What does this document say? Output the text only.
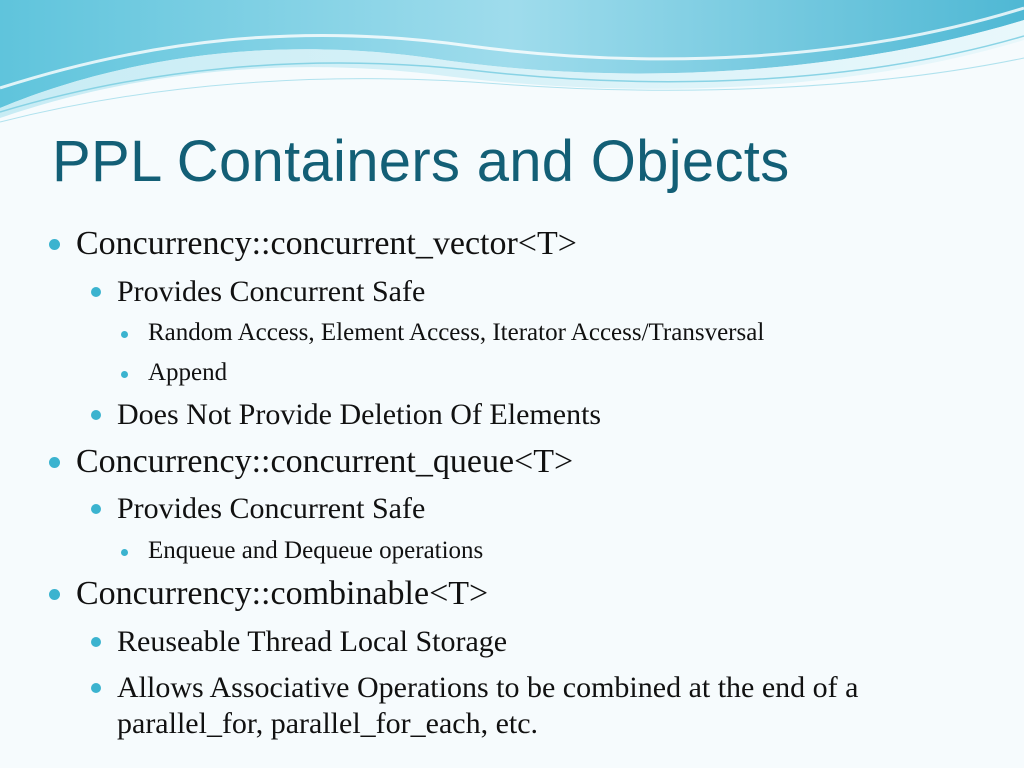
PPL Containers and Objects
Concurrency::concurrent_vector<T>
Provides Concurrent Safe
Random Access, Element Access, Iterator Access/Transversal
Append
Does Not Provide Deletion Of Elements
Concurrency::concurrent_queue<T>
Provides Concurrent Safe
Enqueue and Dequeue operations
Concurrency::combinable<T>
Reuseable Thread Local Storage
Allows Associative Operations to be combined at the end of a parallel_for, parallel_for_each, etc.
